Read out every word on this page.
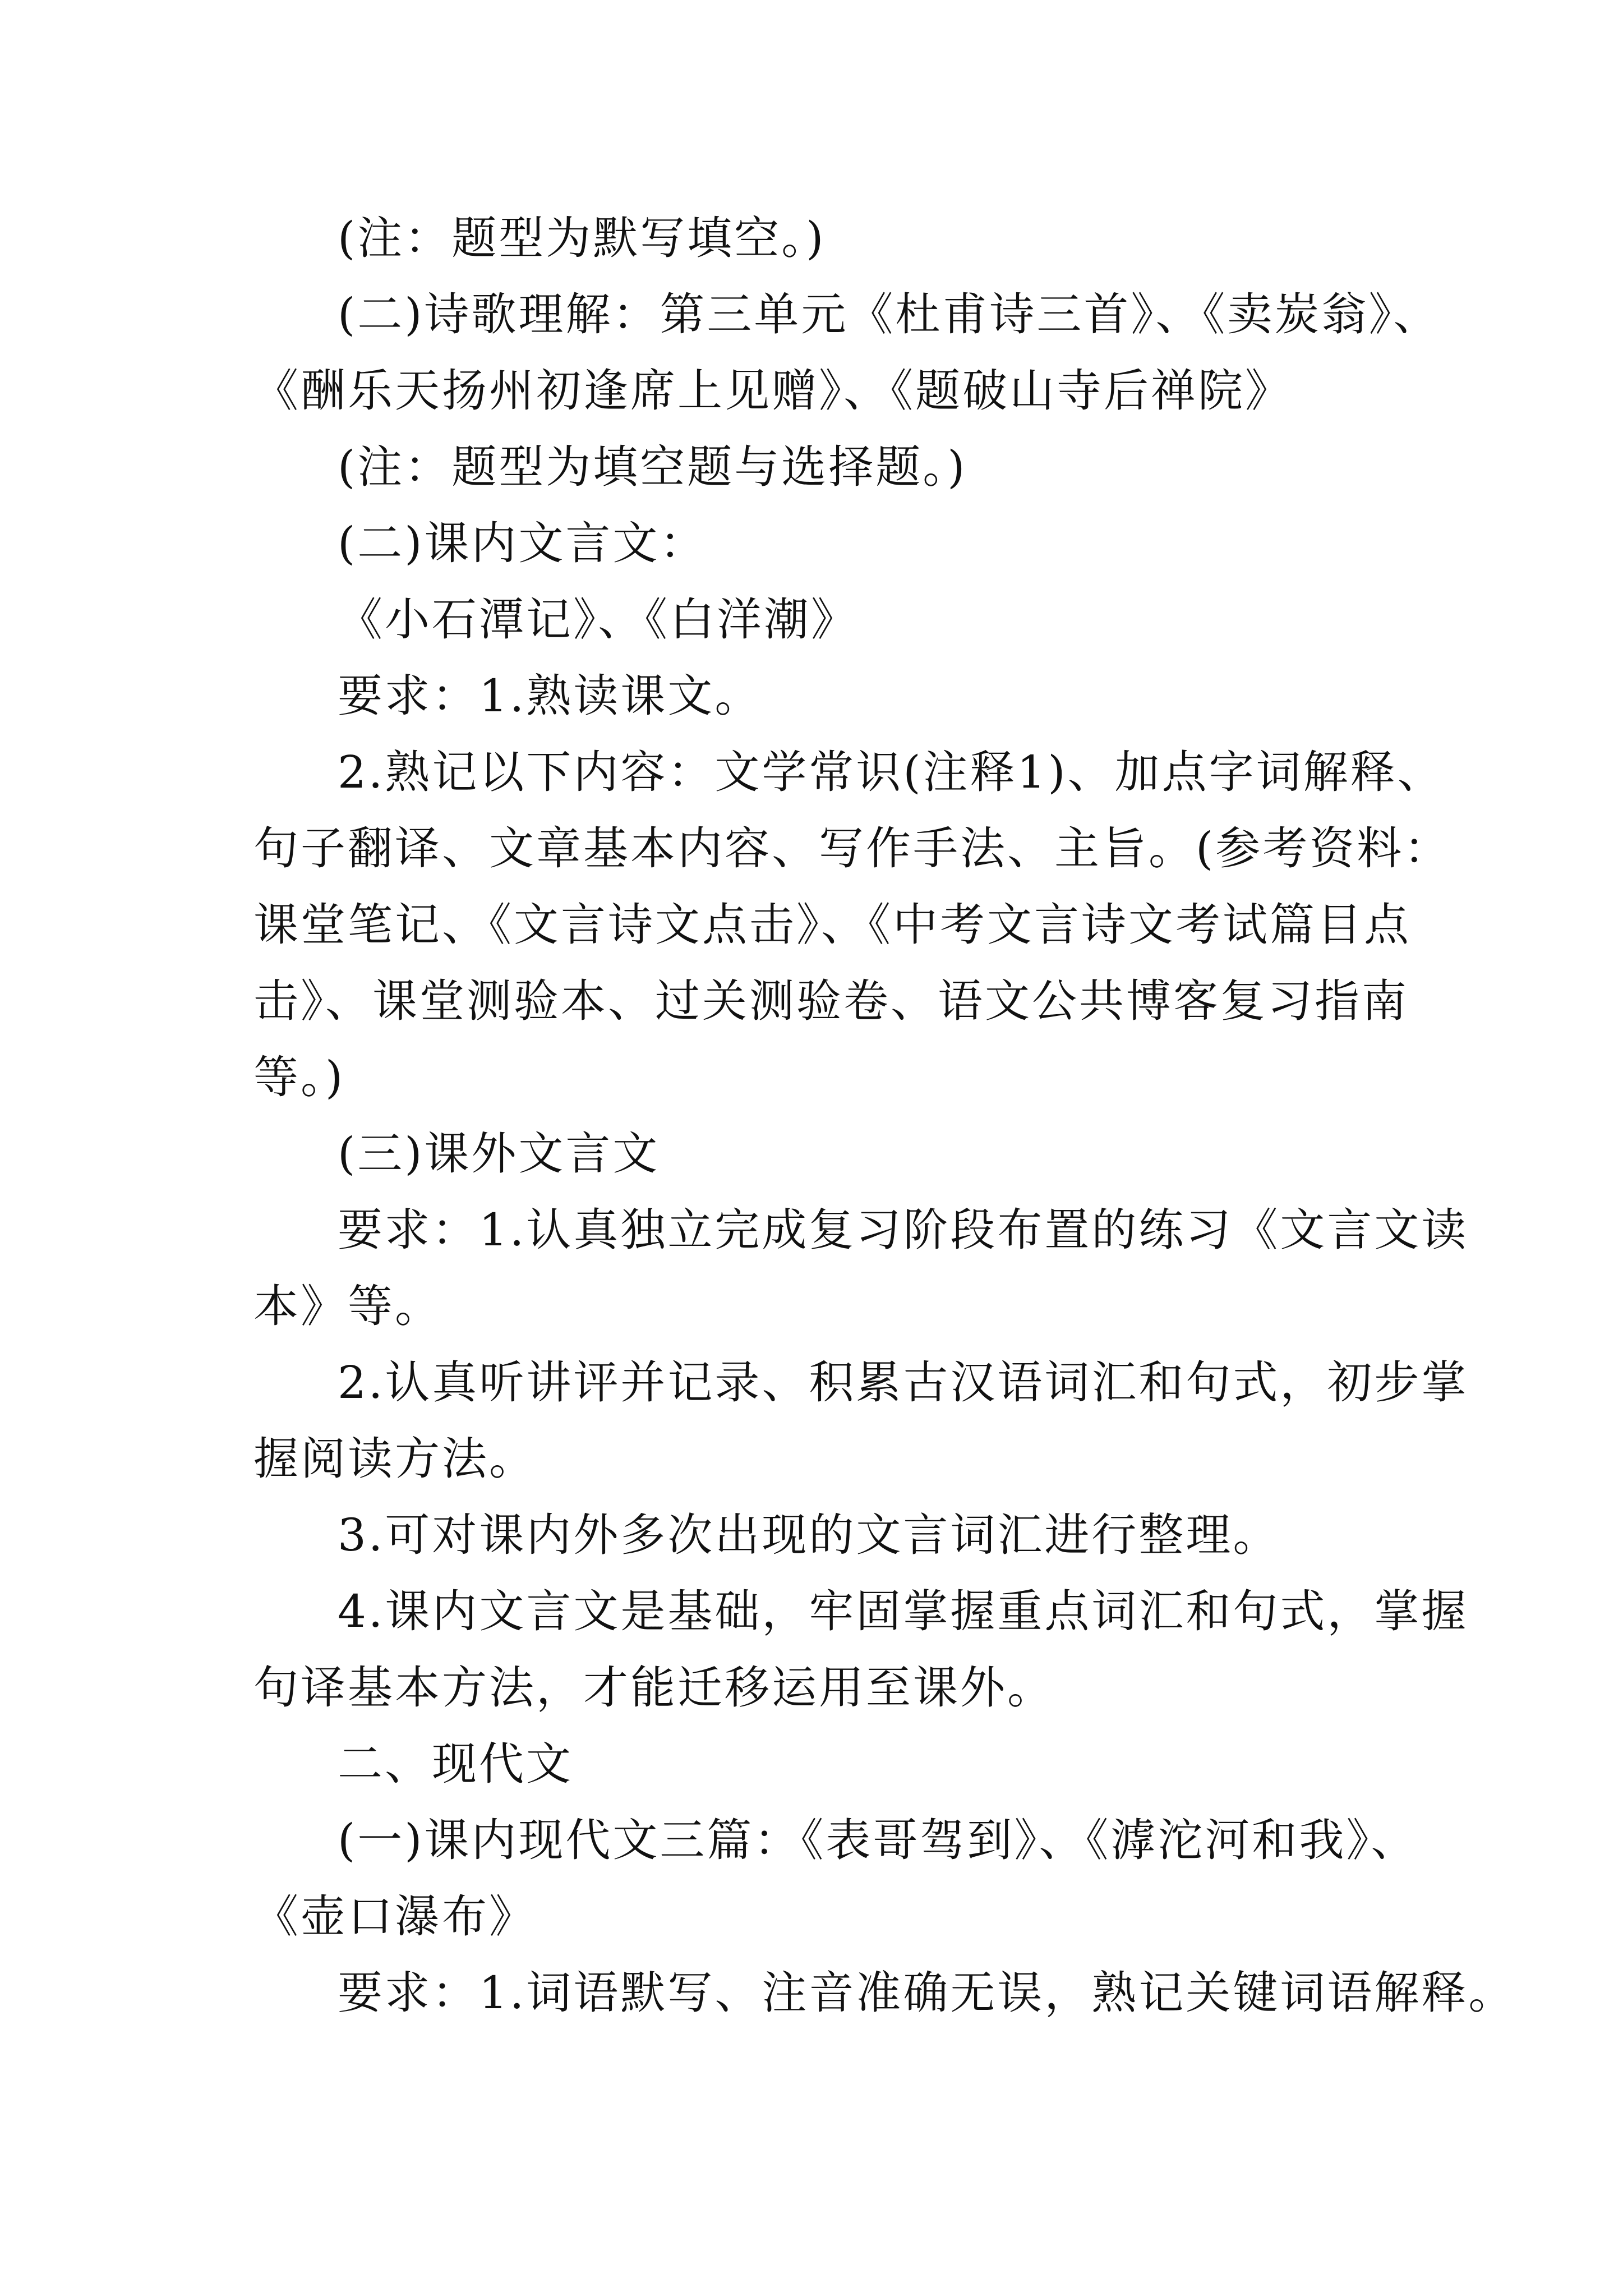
(注：题型为默写填空。)
(二)诗歌理解：第三单元《杜甫诗三首》、《卖炭翁》、
《酬乐天扬州初逢席上见赠》、《题破山寺后禅院》
(注：题型为填空题与选择题。)
(二)课内文言文：
《小石潭记》、《白洋潮》
要求：1.熟读课文。
2.熟记以下内容：文学常识(注释1)、加点字词解释、
句子翻译、文章基本内容、写作手法、主旨。(参考资料：
课堂笔记、《文言诗文点击》、《中考文言诗文考试篇目点
击》、课堂测验本、过关测验卷、语文公共博客复习指南
等。)
(三)课外文言文
要求：1.认真独立完成复习阶段布置的练习《文言文读
本》等。
2.认真听讲评并记录、积累古汉语词汇和句式，初步掌
握阅读方法。
3.可对课内外多次出现的文言词汇进行整理。
4.课内文言文是基础，牢固掌握重点词汇和句式，掌握
句译基本方法，才能迁移运用至课外。
二、现代文
(一)课内现代文三篇：《表哥驾到》、《滹沱河和我》、
《壶口瀑布》
要求：1.词语默写、注音准确无误，熟记关键词语解释。
